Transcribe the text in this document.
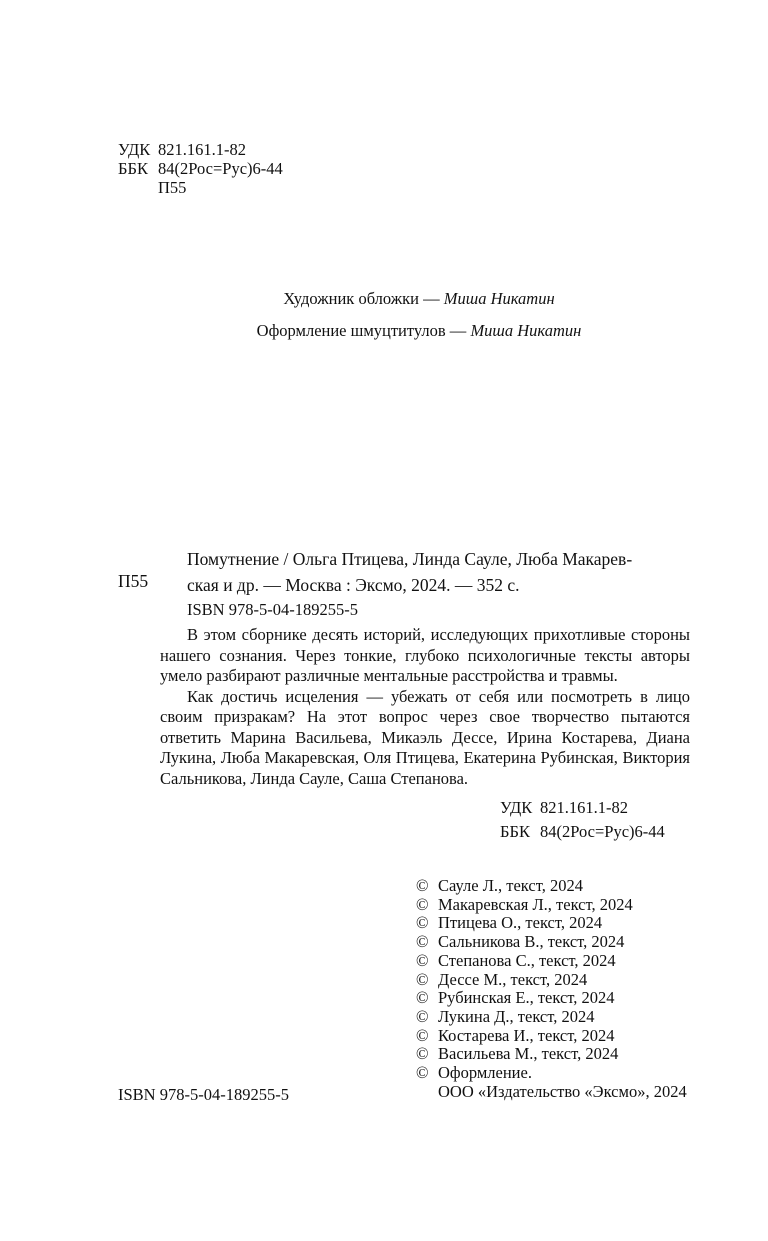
УДК 821.161.1-82
ББК 84(2Рос=Рус)6-44
П55
Художник обложки — Миша Никатин
Оформление шмуцтитулов — Миша Никатин
П55
Помутнение / Ольга Птицева, Линда Сауле, Люба Макарев-
ская и др. — Москва : Эксмо, 2024. — 352 с.
ISBN 978-5-04-189255-5

В этом сборнике десять историй, исследующих прихотливые стороны нашего сознания. Через тонкие, глубоко психологичные тексты авторы умело разбирают различные ментальные расстройства и травмы.

Как достичь исцеления — убежать от себя или посмотреть в лицо своим призракам? На этот вопрос через свое творчество пытаются ответить Марина Васильева, Микаэль Дессе, Ирина Костарева, Диана Лукина, Люба Макаревская, Оля Птицева, Екатерина Рубинская, Виктория Сальникова, Линда Сауле, Саша Степанова.

УДК 821.161.1-82
ББК 84(2Рос=Рус)6-44
© Сауле Л., текст, 2024
© Макаревская Л., текст, 2024
© Птицева О., текст, 2024
© Сальникова В., текст, 2024
© Степанова С., текст, 2024
© Дессе М., текст, 2024
© Рубинская Е., текст, 2024
© Лукина Д., текст, 2024
© Костарева И., текст, 2024
© Васильева М., текст, 2024
© Оформление.
ООО «Издательство «Эксмо», 2024
ISBN 978-5-04-189255-5
